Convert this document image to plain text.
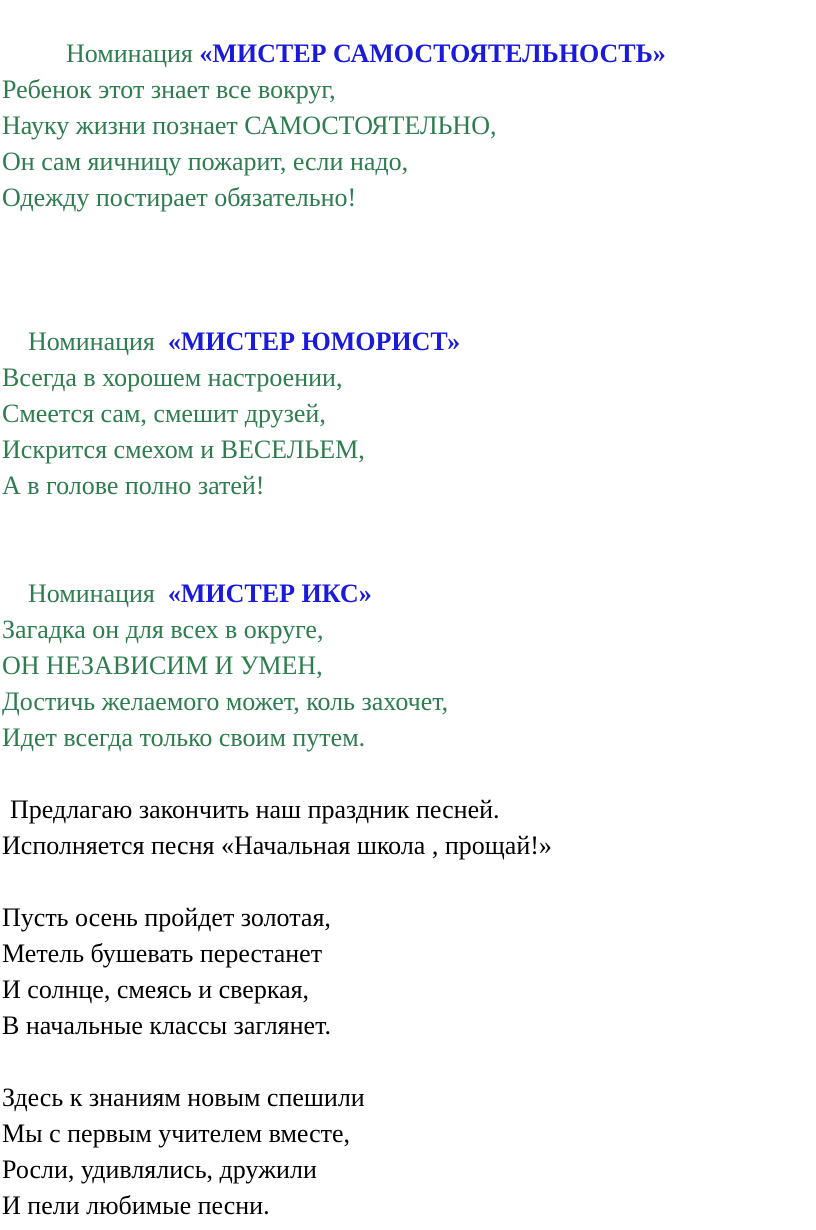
Номинация «МИСТЕР САМОСТОЯТЕЛЬНОСТЬ»

Ребенок этот знает все вокруг,
Науку жизни познает САМОСТОЯТЕЛЬНО,
Он сам яичницу пожарит, если надо,
Одежду постирает обязательно!

Номинация  «МИСТЕР ЮМОРИСТ»

Всегда в хорошем настроении,
Смеется сам, смешит друзей,
Искрится смехом и ВЕСЕЛЬЕМ,
А в голове полно затей!

Номинация  «МИСТЕР ИКС»

Загадка он для всех в округе,
ОН НЕЗАВИСИМ И УМЕН,
Достичь желаемого может, коль захочет,
Идет всегда только своим путем.
Предлагаю закончить наш праздник песней.
Исполняется песня «Начальная школа , прощай!»
Пусть осень пройдет золотая,
Метель бушевать перестанет
И солнце, смеясь и сверкая,
В начальные классы заглянет.
Здесь к знаниям новым спешили
Мы с первым учителем вместе,
Росли, удивлялись, дружили
И пели любимые песни.
